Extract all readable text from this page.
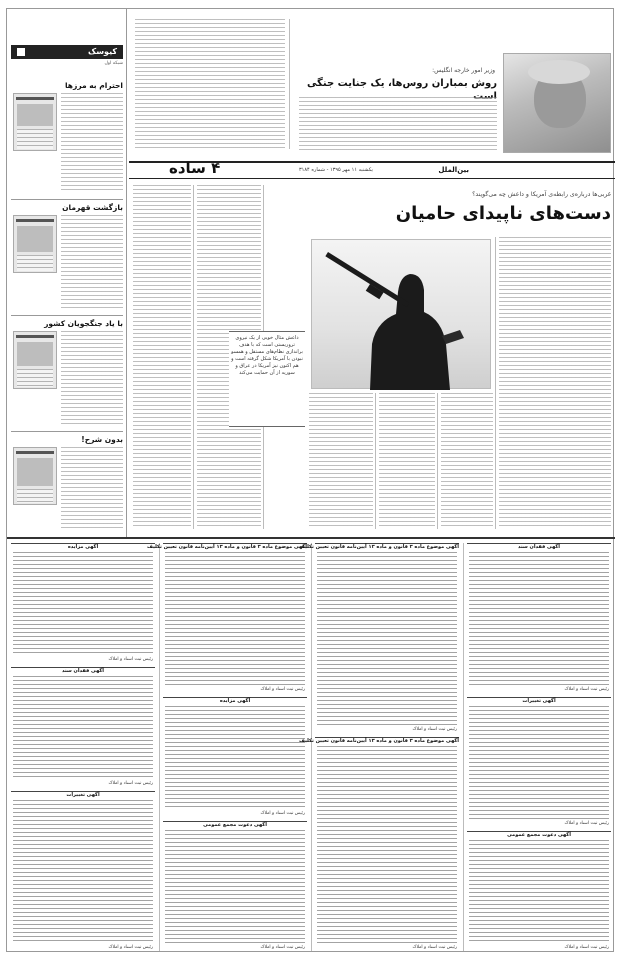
کیوسک
شبکه اول
احترام به مرزها
بازگشت قهرمان
با یاد جنگجویان کشور
بدون شرح!
وزیر امور خارجه انگلیس:
روش بمباران روس‌ها، یک جنایت جنگی
۴ ساده	یکشنبه ۱۱ مهر ۱۳۹۵ - شماره ۳۱۸۴	بین‌الملل
غربی‌ها درباره‌ی رابطه‌ی آمریکا و داعش چه می‌گویند؟
دست‌های ناپیدای حامیان
داعش مثال خوبی از یک نیروی تروریستی است که با هدف براندازی نظام‌های مستقل و همسو نبودن با آمریکا شکل گرفته است و هم اکنون نیز آمریکا در عراق و سوریه از آن حمایت می‌کند
آگهی مزایده
رئیس ثبت اسناد و املاک
آگهی فقدان سند
رئیس ثبت اسناد و املاک
آگهی تغییرات
رئیس ثبت اسناد و املاک
آگهی موضوع ماده ۳ قانون و ماده ۱۳ آیین‌نامه قانون تعیین تکلیف
رئیس ثبت اسناد و املاک
آگهی مزایده
رئیس ثبت اسناد و املاک
آگهی دعوت مجمع عمومی
رئیس ثبت اسناد و املاک
آگهی موضوع ماده ۳ قانون و ماده ۱۳ آیین‌نامه قانون تعیین تکلیف
رئیس ثبت اسناد و املاک
آگهی موضوع ماده ۳ قانون و ماده ۱۳ آیین‌نامه قانون تعیین تکلیف
رئیس ثبت اسناد و املاک
آگهی فقدان سند
رئیس ثبت اسناد و املاک
آگهی تغییرات
رئیس ثبت اسناد و املاک
آگهی دعوت مجمع عمومی
رئیس ثبت اسناد و املاک
